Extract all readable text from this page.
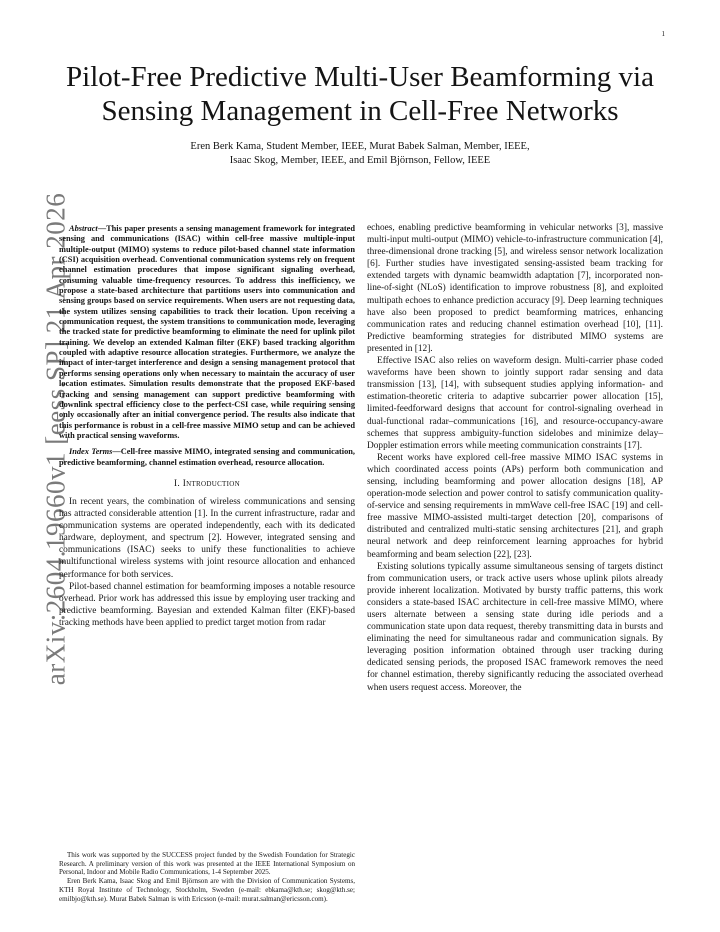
1
arXiv:2604.19660v1 [eess.SP] 21 Apr 2026
Pilot-Free Predictive Multi-User Beamforming via
Sensing Management in Cell-Free Networks
Eren Berk Kama, Student Member, IEEE, Murat Babek Salman, Member, IEEE,
Isaac Skog, Member, IEEE, and Emil Björnson, Fellow, IEEE

Abstract—This paper presents a sensing management framework for integrated sensing and communications (ISAC) within cell-free massive multiple-input multiple-output (MIMO) systems to reduce pilot-based channel state information (CSI) acquisition overhead. Conventional communication systems rely on frequent channel estimation procedures that impose significant signaling overhead, consuming valuable time-frequency resources. To address this inefficiency, we propose a state-based architecture that partitions users into communication and sensing groups based on service requirements. When users are not requesting data, the system utilizes sensing capabilities to track their location. Upon receiving a communication request, the system transitions to communication mode, leveraging the tracked state for predictive beamforming to eliminate the need for uplink pilot training. We develop an extended Kalman filter (EKF) based tracking algorithm coupled with adaptive resource allocation strategies. Furthermore, we analyze the impact of inter-target interference and design a sensing management protocol that performs sensing operations only when necessary to maintain the accuracy of user location estimates. Simulation results demonstrate that the proposed EKF-based tracking and sensing management can support predictive beamforming with downlink spectral efficiency close to the perfect-CSI case, while requiring sensing only occasionally after an initial convergence period. The results also indicate that this performance is robust in a cell-free massive MIMO setup and can be achieved with practical sensing waveforms.

Index Terms—Cell-free massive MIMO, integrated sensing and communication, predictive beamforming, channel estimation overhead, resource allocation.

I. Introduction

In recent years, the combination of wireless communications and sensing has attracted considerable attention [1]. In the current infrastructure, radar and communication systems are operated independently, each with its dedicated hardware, deployment, and spectrum [2]. However, integrated sensing and communications (ISAC) seeks to unify these functionalities to achieve multifunctional wireless systems with joint resource allocation and enhanced performance for both services.

Pilot-based channel estimation for beamforming imposes a notable resource overhead. Prior work has addressed this issue by employing user tracking and predictive beamforming. Bayesian and extended Kalman filter (EKF)-based tracking methods have been applied to predict target motion from radar

This work was supported by the SUCCESS project funded by the Swedish Foundation for Strategic Research. A preliminary version of this work was presented at the IEEE International Symposium on Personal, Indoor and Mobile Radio Communications, 1-4 September 2025.

Eren Berk Kama, Isaac Skog and Emil Björnson are with the Division of Communication Systems, KTH Royal Institute of Technology, Stockholm, Sweden (e-mail: ebkama@kth.se; skog@kth.se; emilbjo@kth.se). Murat Babek Salman is with Ericsson (e-mail: murat.salman@ericsson.com).

echoes, enabling predictive beamforming in vehicular networks [3], massive multi-input multi-output (MIMO) vehicle-to-infrastructure communication [4], three-dimensional drone tracking [5], and wireless sensor network localization [6]. Further studies have investigated sensing-assisted beam tracking for extended targets with dynamic beamwidth adaptation [7], incorporated non-line-of-sight (NLoS) identification to improve robustness [8], and exploited multipath echoes to enhance prediction accuracy [9]. Deep learning techniques have also been proposed to predict beamforming matrices, enhancing communication rates and reducing channel estimation overhead [10], [11]. Predictive beamforming strategies for distributed MIMO systems are presented in [12].

Effective ISAC also relies on waveform design. Multi-carrier phase coded waveforms have been shown to jointly support radar sensing and data transmission [13], [14], with subsequent studies applying information- and estimation-theoretic criteria to adaptive subcarrier power allocation [15], limited-feedforward designs that account for control-signaling overhead in dual-functional radar–communications [16], and resource-occupancy-aware schemes that suppress ambiguity-function sidelobes and minimize delay–Doppler estimation errors while meeting communication constraints [17].

Recent works have explored cell-free massive MIMO ISAC systems in which coordinated access points (APs) perform both communication and sensing, including beamforming and power allocation designs [18], AP operation-mode selection and power control to satisfy communication quality-of-service and sensing requirements in mmWave cell-free ISAC [19] and cell-free massive MIMO-assisted multi-target detection [20], comparisons of distributed and centralized multi-static sensing architectures [21], and graph neural network and deep reinforcement learning approaches for hybrid beamforming and beam selection [22], [23].

Existing solutions typically assume simultaneous sensing of targets distinct from communication users, or track active users whose uplink pilots already provide inherent localization. Motivated by bursty traffic patterns, this work considers a state-based ISAC architecture in cell-free massive MIMO, where users alternate between a sensing state during idle periods and a communication state upon data request, thereby transmitting data in bursts and eliminating the need for simultaneous radar and communication signals. By leveraging position information obtained through user tracking during dedicated sensing periods, the proposed ISAC framework removes the need for channel estimation, thereby significantly reducing the associated overhead when users request access. Moreover, the
